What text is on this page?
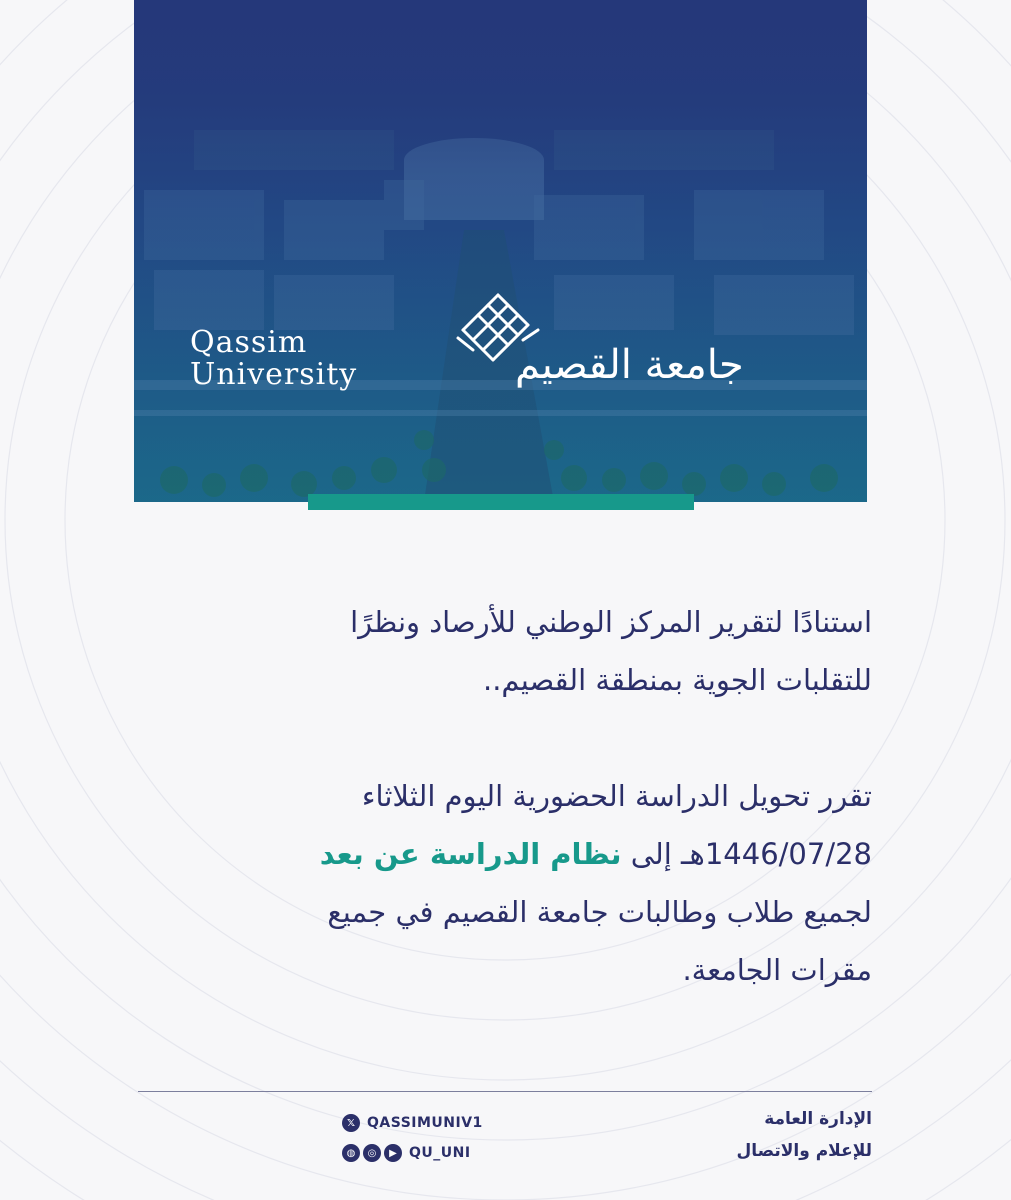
Qassim
University	جامعة القصيم

استنادًا لتقرير المركز الوطني للأرصاد ونظرًا

للتقلبات الجوية بمنطقة القصيم..

تقرر تحويل الدراسة الحضورية اليوم الثلاثاء

1446/07/28هـ إلى نظام الدراسة عن بعد

لجميع طلاب وطالبات جامعة القصيم في جميع

مقرات الجامعة.

الإدارة العامة
للإعلام والاتصال
𝕏 QASSIMUNIV1
◍	◎	▶ QU_UNI
